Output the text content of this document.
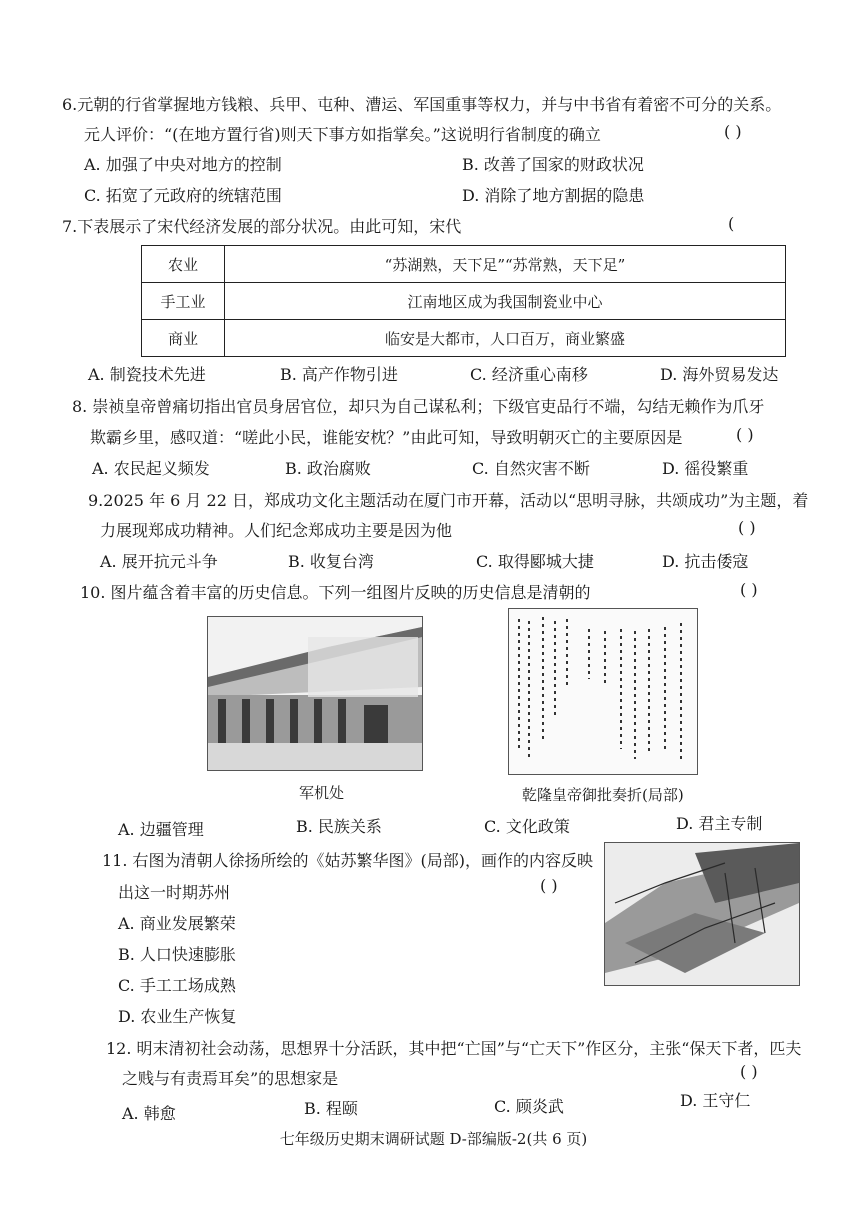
6.元朝的行省掌握地方钱粮、兵甲、屯种、漕运、军国重事等权力，并与中书省有着密不可分的关系。
元人评价：“(在地方置行省)则天下事方如指掌矣。”这说明行省制度的确立	( )
A. 加强了中央对地方的控制	B. 改善了国家的财政状况
C. 拓宽了元政府的统辖范围	D. 消除了地方割据的隐患
7.下表展示了宋代经济发展的部分状况。由此可知，宋代	(
农业	“苏湖熟，天下足”“苏常熟，天下足”
手工业	江南地区成为我国制瓷业中心
商业	临安是大都市，人口百万，商业繁盛
A. 制瓷技术先进	B. 高产作物引进	C. 经济重心南移	D. 海外贸易发达
8. 崇祯皇帝曾痛切指出官员身居官位，却只为自己谋私利；下级官吏品行不端，勾结无赖作为爪牙
欺霸乡里，感叹道：“嗟此小民，谁能安枕？”由此可知，导致明朝灭亡的主要原因是	( )
A. 农民起义频发	B. 政治腐败	C. 自然灾害不断	D. 徭役繁重
9.2025 年 6 月 22 日，郑成功文化主题活动在厦门市开幕，活动以“思明寻脉，共颂成功”为主题，着
力展现郑成功精神。人们纪念郑成功主要是因为他	( )
A. 展开抗元斗争	B. 收复台湾	C. 取得郾城大捷	D. 抗击倭寇
10. 图片蕴含着丰富的历史信息。下列一组图片反映的历史信息是清朝的	( )
军机处	乾隆皇帝御批奏折(局部)
A. 边疆管理	B. 民族关系	C. 文化政策	D. 君主专制
11. 右图为清朝人徐扬所绘的《姑苏繁华图》(局部)，画作的内容反映
出这一时期苏州	( )
A. 商业发展繁荣
B. 人口快速膨胀
C. 手工工场成熟
D. 农业生产恢复
12. 明末清初社会动荡，思想界十分活跃，其中把“亡国”与“亡天下”作区分，主张“保天下者，匹夫
之贱与有责焉耳矣”的思想家是	( )
A. 韩愈	B. 程颐	C. 顾炎武	D. 王守仁
七年级历史期末调研试题 D-部编版-2(共 6 页)
